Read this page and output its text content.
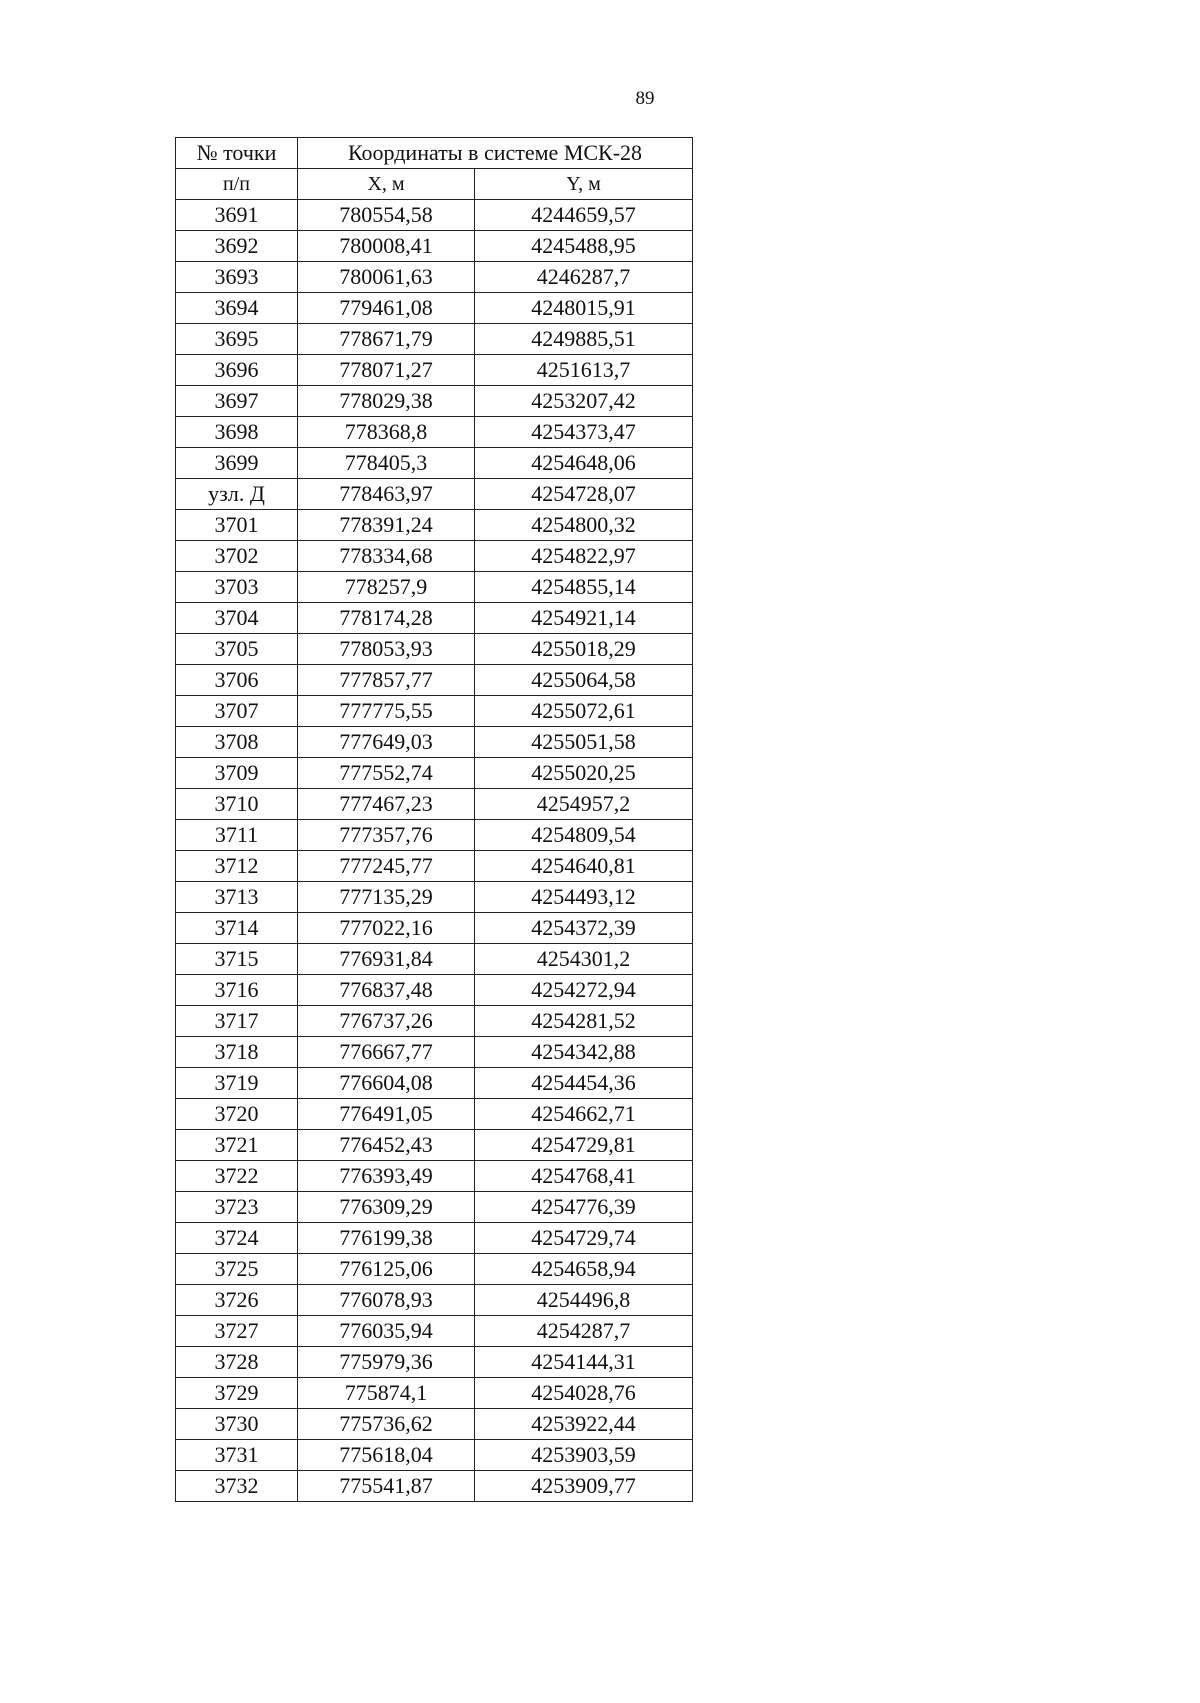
89
№ точки	Координаты в системе МСК-28	
п/п	X, м	Y, м
3691	780554,58	4244659,57
3692	780008,41	4245488,95
3693	780061,63	4246287,7
3694	779461,08	4248015,91
3695	778671,79	4249885,51
3696	778071,27	4251613,7
3697	778029,38	4253207,42
3698	778368,8	4254373,47
3699	778405,3	4254648,06
узл. Д	778463,97	4254728,07
3701	778391,24	4254800,32
3702	778334,68	4254822,97
3703	778257,9	4254855,14
3704	778174,28	4254921,14
3705	778053,93	4255018,29
3706	777857,77	4255064,58
3707	777775,55	4255072,61
3708	777649,03	4255051,58
3709	777552,74	4255020,25
3710	777467,23	4254957,2
3711	777357,76	4254809,54
3712	777245,77	4254640,81
3713	777135,29	4254493,12
3714	777022,16	4254372,39
3715	776931,84	4254301,2
3716	776837,48	4254272,94
3717	776737,26	4254281,52
3718	776667,77	4254342,88
3719	776604,08	4254454,36
3720	776491,05	4254662,71
3721	776452,43	4254729,81
3722	776393,49	4254768,41
3723	776309,29	4254776,39
3724	776199,38	4254729,74
3725	776125,06	4254658,94
3726	776078,93	4254496,8
3727	776035,94	4254287,7
3728	775979,36	4254144,31
3729	775874,1	4254028,76
3730	775736,62	4253922,44
3731	775618,04	4253903,59
3732	775541,87	4253909,77
